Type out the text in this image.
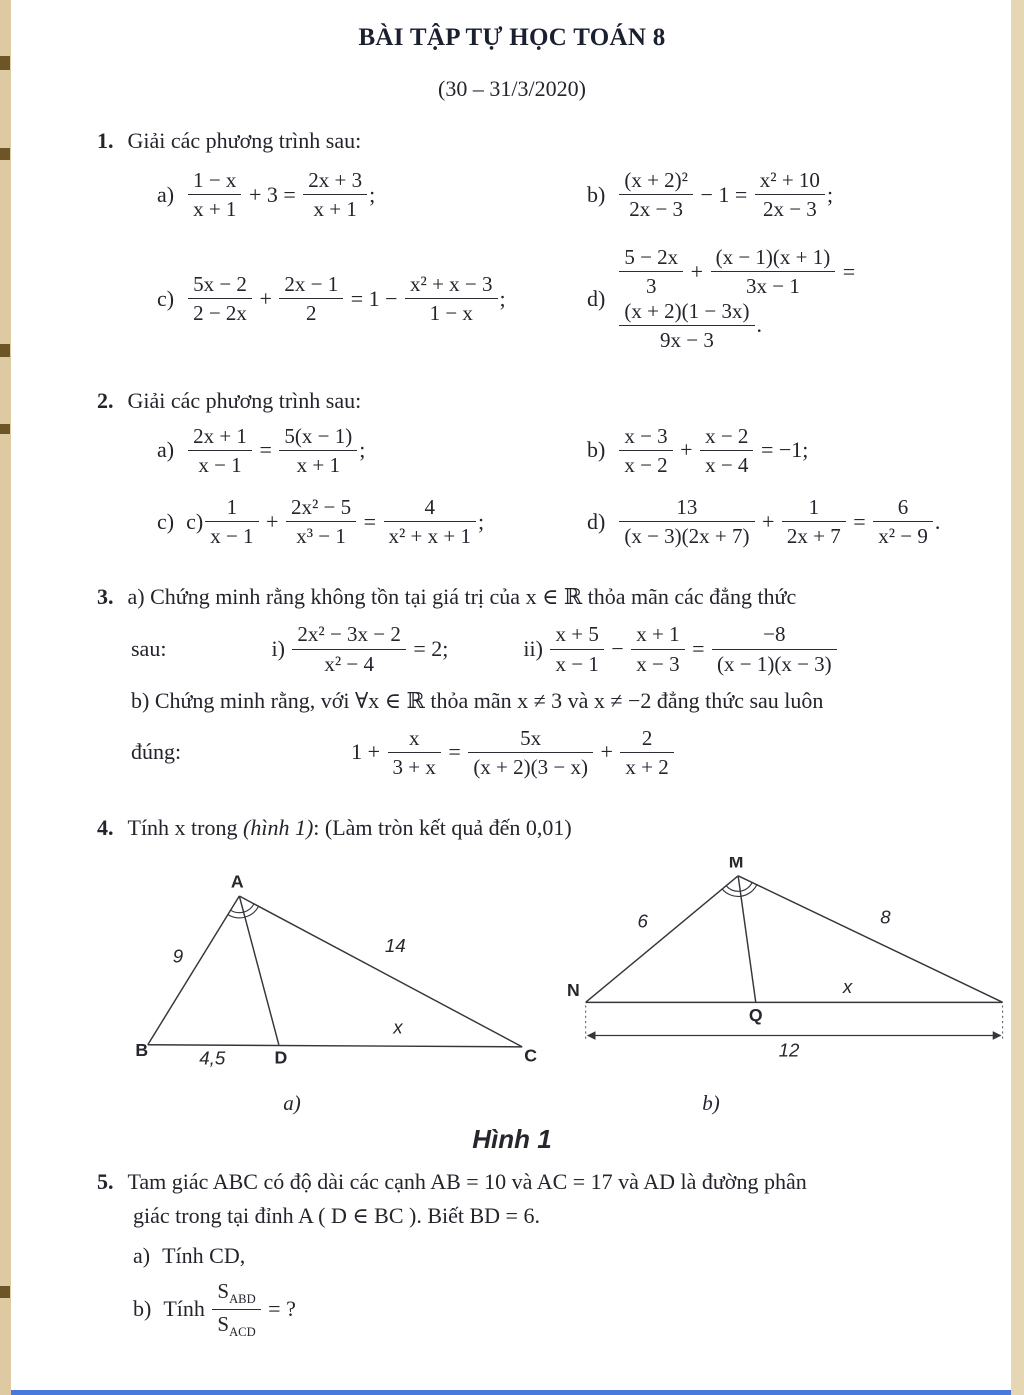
BÀI TẬP TỰ HỌC TOÁN 8
(30 – 31/3/2020)
1. Giải các phương trình sau:
$a) \frac{1 - x}{x + 1} + 3 = \frac{2x + 3}{x + 1}$ ;	$b) \frac{\text{(x + 2)²}}{2x - 3} - 1 = \frac{\text{x² + 10}}{2x - 3}$ ;
$c) \frac{5x - 2}{2 - 2x} + \frac{2x - 1}{2} = 1 - \frac{\text{x² + x − 3}}{1 - x}$ ;	$d) \frac{5 - 2x}{3} + \frac{(x - 1)(x + 1)}{3x - 1}$ =
$\frac{(x + 2)(1 - 3x)}{9x - 3}$ .
2. Giải các phương trình sau:
$a) \frac{2x + 1}{x - 1} = \frac{5(x - 1)}{x + 1}$ ;	$b) \frac{x - 3}{x - 2} + \frac{x - 2}{x - 4} = -1$;
c) $c) \frac{1}{x - 1} + \frac{\text{2x² − 5}}{\text{x³ − 1}} = \frac{4}{\text{x² + x + 1}}$ ;	$d) \frac{13}{(x - 3)(2x + 7)} + \frac{1}{2x + 7} = \frac{6}{\text{x² − 9}}$ .
3. a) Chứng minh rằng không tồn tại giá trị của x ∈ ℝ thỏa mãn các đẳng thức
sau:	$i) \frac{\text{2x² − 3x − 2}}{\text{x² − 4}} = 2$;	$ii) \frac{x + 5}{x - 1} - \frac{x + 1}{x - 3} = \frac{-8}{(x - 1)(x - 3)}$
b) Chứng minh rằng, với ∀x ∈ ℝ thỏa mãn x ≠ 3 và x ≠ −2 đẳng thức sau luôn
đúng:	$1 + \frac{x}{3 + x} = \frac{5x}{(x + 2)(3 - x)} + \frac{2}{x + 2}$
4. Tính x trong (hình 1): (Làm tròn kết quả đến 0,01)
A
B	C
D
9	14
x
4,5
M
N
Q
6	8
x
12
a)	b)
Hình 1
5. Tam giác ABC có độ dài các cạnh AB = 10 và AC = 17 và AD là đường phân
giác trong tại đỉnh A ( D ∈ BC ). Biết BD = 6.
a) Tính CD,
b) Tính $\frac{S_{ABD}}{S_{ACD}}$ = ?
